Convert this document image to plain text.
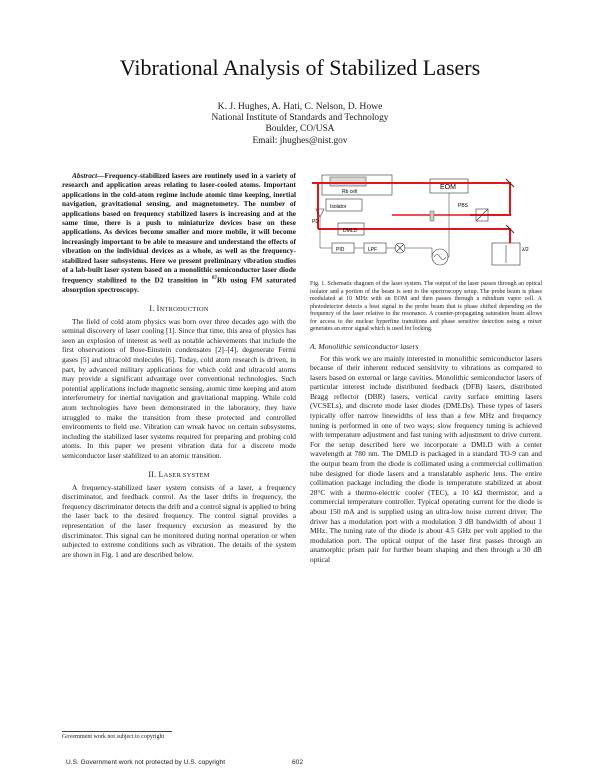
Vibrational Analysis of Stabilized Lasers
K. J. Hughes, A. Hati, C. Nelson, D. Howe
National Institute of Standards and Technology
Boulder, CO/USA
Email: jhughes@nist.gov

Abstract—Frequency-stabilized lasers are routinely used in a variety of research and application areas relating to laser-cooled atoms. Important applications in the cold-atom regime include atomic time keeping, inertial navigation, gravitational sensing, and magnetometry. The number of applications based on frequency stabilized lasers is increasing and at the same time, there is a push to miniaturize devices base on these applications. As devices become smaller and more mobile, it will become increasingly important to be able to measure and understand the effects of vibration on the individual devices as a whole, as well as the frequency-stabilized laser subsystems. Here we present preliminary vibration studies of a lab-built laser system based on a monolithic semiconductor laser diode frequency stabilized to the D2 transition in $^{87}$Rb using FM saturated absorption spectroscopy.

I. INTRODUCTION

The field of cold atom physics was born over three decades ago with the seminal discovery of laser cooling [1]. Since that time, this area of physics has seen an explosion of interest as well as notable achievements that include the first observations of Bose-Einstein condensates [2]–[4], degenerate Fermi gases [5] and ultracold molecules [6]. Today, cold atom research is driven, in part, by advanced military applications for which cold and ultracold atoms may provide a significant advantage over conventional technologies. Such potential applications include magnetic sensing, atomic time keeping and atom interferometry for inertial navigation and gravitational mapping. While cold atom technologies have been demonstrated in the laboratory, they have struggled to make the transition from these protected and controlled environments to field use. Vibration can wreak havoc on certain subsystems, including the stabilized laser systems required for preparing and probing cold atoms. In this paper we present vibration data for a discrete mode semiconductor laser stabilized to an atomic transition.

II. LASER SYSTEM

A frequency-stabilized laser system consists of a laser, a frequency discriminator, and feedback control. As the laser drifts in frequency, the frequency discriminator detects the drift and a control signal is applied to bring the laser back to the desired frequency. The control signal provides a representation of the laser frequency excursion as measured by the discriminator. This signal can be monitored during normal operation or when subjected to extreme conditions such as vibration. The details of the system are shown in Fig. 1 and are described below.

Rb cell
EOM
λ/2
Isolator
DMLD
PBS
PD
PID	LPF

Fig. 1. Schematic diagram of the laser system. The output of the laser passes through an optical isolator and a portion of the beam is sent to the spectroscopy setup. The probe beam is phase modulated at 10 MHz with an EOM and then passes through a rubidium vapor cell. A photodetector detects a beat signal in the probe beam that is phase shifted depending on the frequency of the laser relative to the resonance. A counter-propagating saturation beam allows for access to the nuclear hyperfine transitions and phase sensitive detection using a mixer generates an error signal which is used for locking.

A. Monolithic semiconductor lasers

For this work we are mainly interested in monolithic semiconductor lasers because of their inherent reduced sensitivity to vibrations as compared to lasers based on external or large cavities. Monolithic semiconductor lasers of particular interest include distributed feedback (DFB) lasers, distributed Bragg reflector (DBR) lasers, vertical cavity surface emitting lasers (VCSELs), and discrete mode laser diodes (DMLDs). These types of lasers typically offer narrow linewidths of less than a few MHz and frequency tuning is performed in one of two ways; slow frequency tuning is achieved with temperature adjustment and fast tuning with adjustment to drive current. For the setup described here we incorporate a DMLD with a center wavelength at 780 nm. The DMLD is packaged in a standard TO-9 can and the output beam from the diode is collimated using a commercial collimation tube designed for diode lasers and a translatable aspheric lens. The entire collimation package including the diode is temperature stabilized at about 28°C with a thermo-electric cooler (TEC), a 10 kΩ thermistor, and a commercial temperature controller. Typical operating current for the diode is about 150 mA and is supplied using an ultra-low noise current driver. The driver has a modulation port with a modulation 3 dB bandwidth of about 1 MHz. The tuning rate of the diode is about 4.5 GHz per volt applied to the modulation port. The optical output of the laser first passes through an anamorphic prism pair for further beam shaping and then through a 30 dB optical

Government work not subject to copyright
U.S. Government work not protected by U.S. copyright	602
